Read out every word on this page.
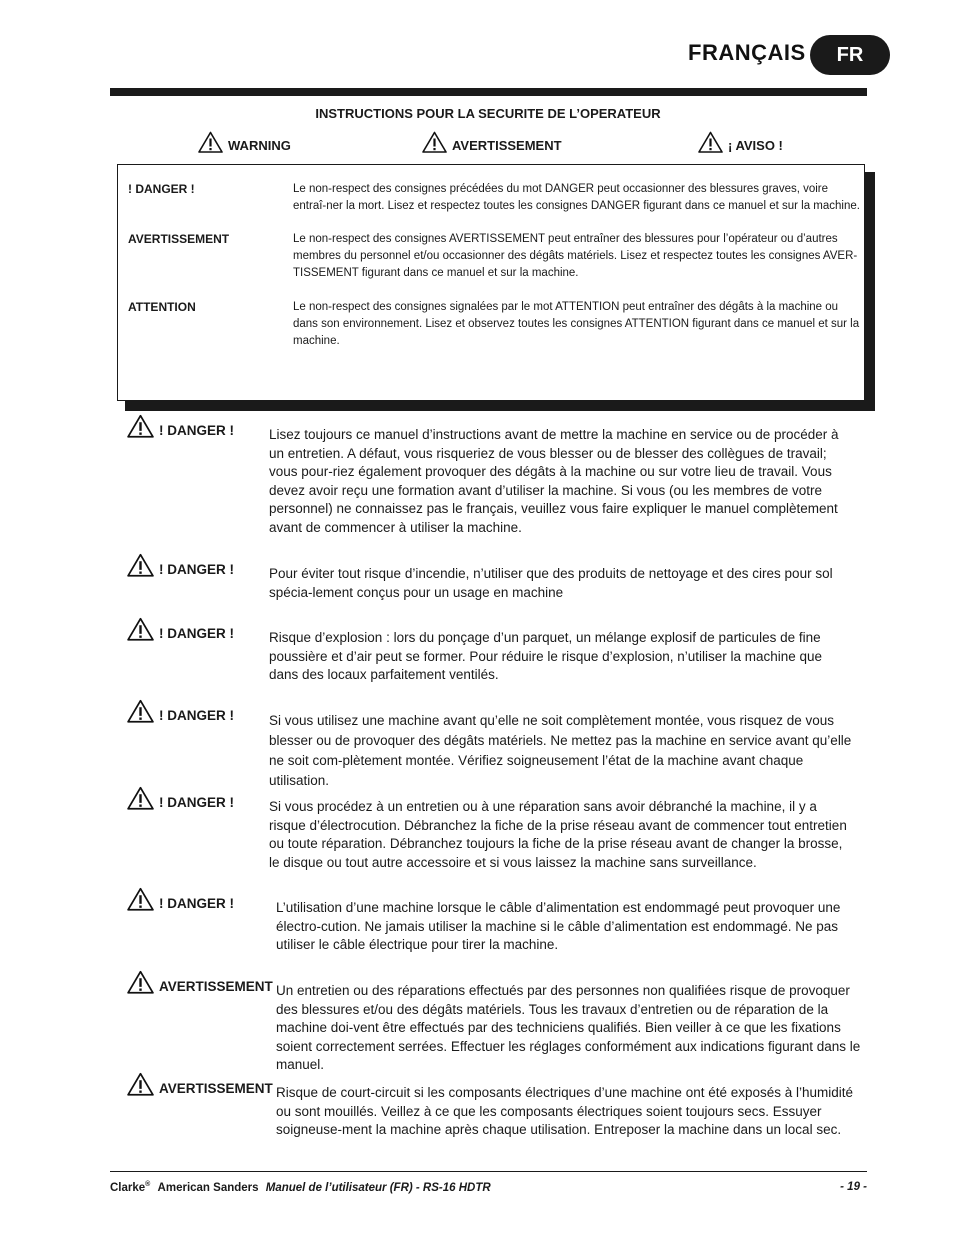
FRANÇAIS	FR
INSTRUCTIONS POUR LA SECURITE DE L’OPERATEUR
WARNING	AVERTISSEMENT	¡ AVISO !
! DANGER !	Le non-respect des consignes précédées du mot DANGER peut occasionner des blessures graves, voire entraî-ner la mort. Lisez et respectez toutes les consignes DANGER figurant dans ce manuel et sur la machine.
AVERTISSEMENT	Le non-respect des consignes AVERTISSEMENT peut entraîner des blessures pour l’opérateur ou d’autres membres du personnel et/ou occasionner des dégâts matériels. Lisez et respectez toutes les consignes AVER-TISSEMENT figurant dans ce manuel et sur la machine.
ATTENTION	Le non-respect des consignes signalées par le mot ATTENTION peut entraîner des dégâts à la machine ou dans son environnement. Lisez et observez toutes les consignes ATTENTION figurant dans ce manuel et sur la machine.
! DANGER !	Lisez toujours ce manuel d’instructions avant de mettre la machine en service ou de procéder à un entretien. A défaut, vous risqueriez de vous blesser ou de blesser des collègues de travail; vous pour-riez également provoquer des dégâts à la machine ou sur votre lieu de travail. Vous devez avoir reçu une formation avant d’utiliser la machine. Si vous (ou les membres de votre personnel) ne connaissez pas le français, veuillez vous faire expliquer le manuel complètement avant de commencer à utiliser la machine.
! DANGER !	Pour éviter tout risque d’incendie, n’utiliser que des produits de nettoyage et des cires pour sol spécia-lement conçus pour un usage en machine
! DANGER !	Risque d’explosion : lors du ponçage d’un parquet, un mélange explosif de particules de fine poussière et d’air peut se former. Pour réduire le risque d’explosion, n’utiliser la machine que dans des locaux parfaitement ventilés.
! DANGER !	Si vous utilisez une machine avant qu’elle ne soit complètement montée, vous risquez de vous blesser ou de provoquer des dégâts matériels. Ne mettez pas la machine en service avant qu’elle ne soit com-plètement montée. Vérifiez soigneusement l’état de la machine avant chaque utilisation.
! DANGER !	Si vous procédez à un entretien ou à une réparation sans avoir débranché la machine, il y a risque d’électrocution. Débranchez la fiche de la prise réseau avant de commencer tout entretien ou toute réparation. Débranchez toujours la fiche de la prise réseau avant de changer la brosse, le disque ou tout autre accessoire et si vous laissez la machine sans surveillance.
! DANGER !	L’utilisation d’une machine lorsque le câble d’alimentation est endommagé peut provoquer une électro-cution. Ne jamais utiliser la machine si le câble d’alimentation est endommagé. Ne pas utiliser le câble électrique pour tirer la machine.
AVERTISSEMENT Un entretien ou des réparations effectués par des personnes non qualifiées risque de provoquer des blessures et/ou des dégâts matériels. Tous les travaux d’entretien ou de réparation de la machine doi-vent être effectués par des techniciens qualifiés. Bien veiller à ce que les fixations soient correctement serrées. Effectuer les réglages conformément aux indications figurant dans le manuel.
AVERTISSEMENT Risque de court-circuit si les composants électriques d’une machine ont été exposés à l’humidité ou sont mouillés. Veillez à ce que les composants électriques soient toujours secs. Essuyer soigneuse-ment la machine après chaque utilisation. Entreposer la machine dans un local sec.
Clarke® American Sanders Manuel de l’utilisateur (FR) - RS-16 HDTR	- 19 -
